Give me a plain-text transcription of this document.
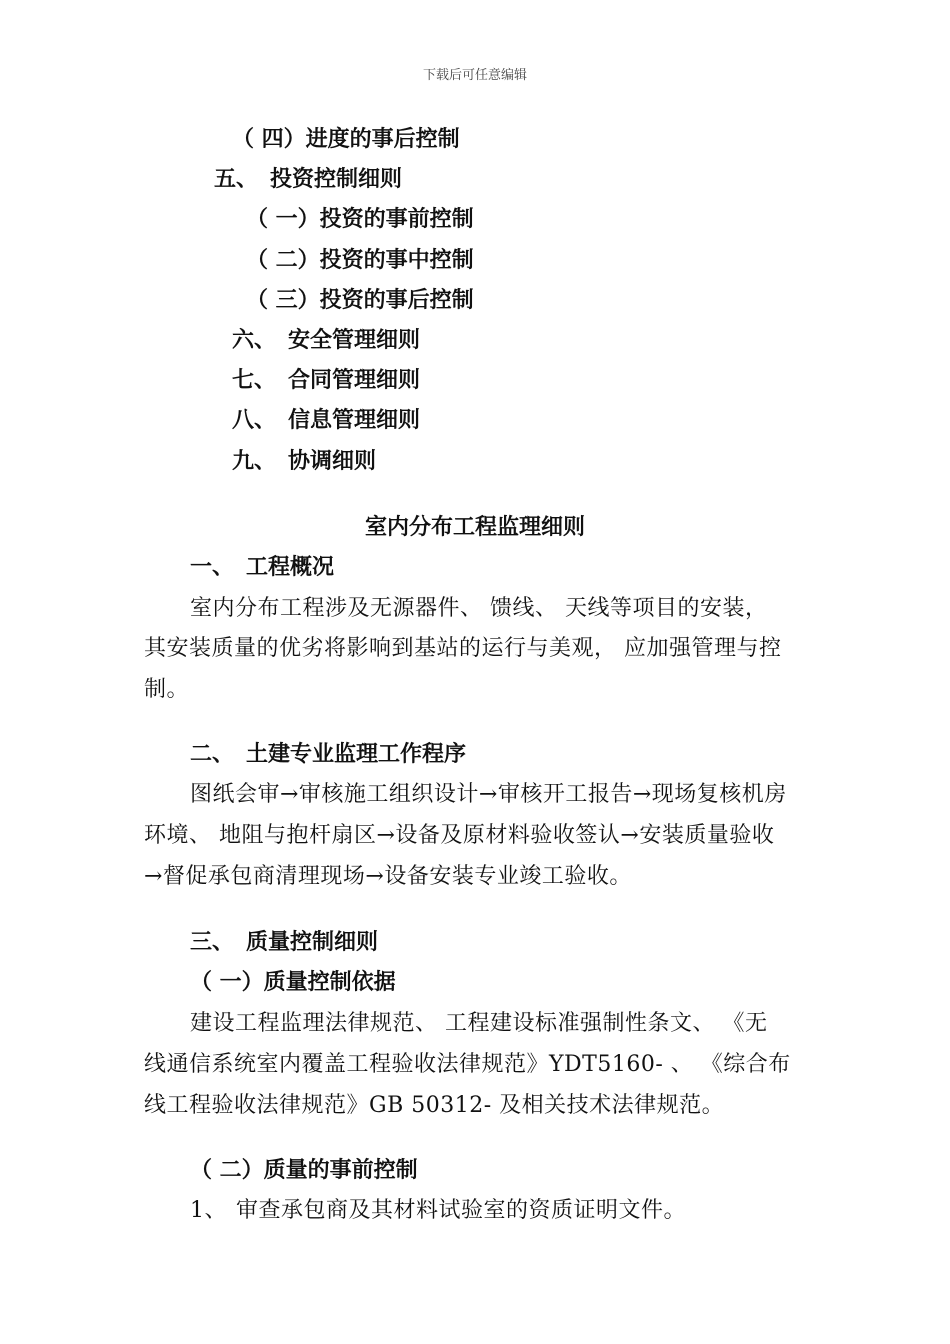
下载后可任意编辑
（ 四）进度的事后控制
五、 投资控制细则
（ 一）投资的事前控制
（ 二）投资的事中控制
（ 三）投资的事后控制
六、 安全管理细则
七、 合同管理细则
八、 信息管理细则
九、 协调细则
室内分布工程监理细则
一、 工程概况
室内分布工程涉及无源器件、 馈线、 天线等项目的安装，
其安装质量的优劣将影响到基站的运行与美观， 应加强管理与控
制。
二、 土建专业监理工作程序
图纸会审→审核施工组织设计→审核开工报告→现场复核机房
环境、 地阻与抱杆扇区→设备及原材料验收签认→安装质量验收
→督促承包商清理现场→设备安装专业竣工验收。
三、 质量控制细则
（ 一）质量控制依据
建设工程监理法律规范、 工程建设标准强制性条文、 《无
线通信系统室内覆盖工程验收法律规范》YDT5160- 、 《综合布
线工程验收法律规范》GB 50312- 及相关技术法律规范。
（ 二）质量的事前控制
1、 审查承包商及其材料试验室的资质证明文件。
